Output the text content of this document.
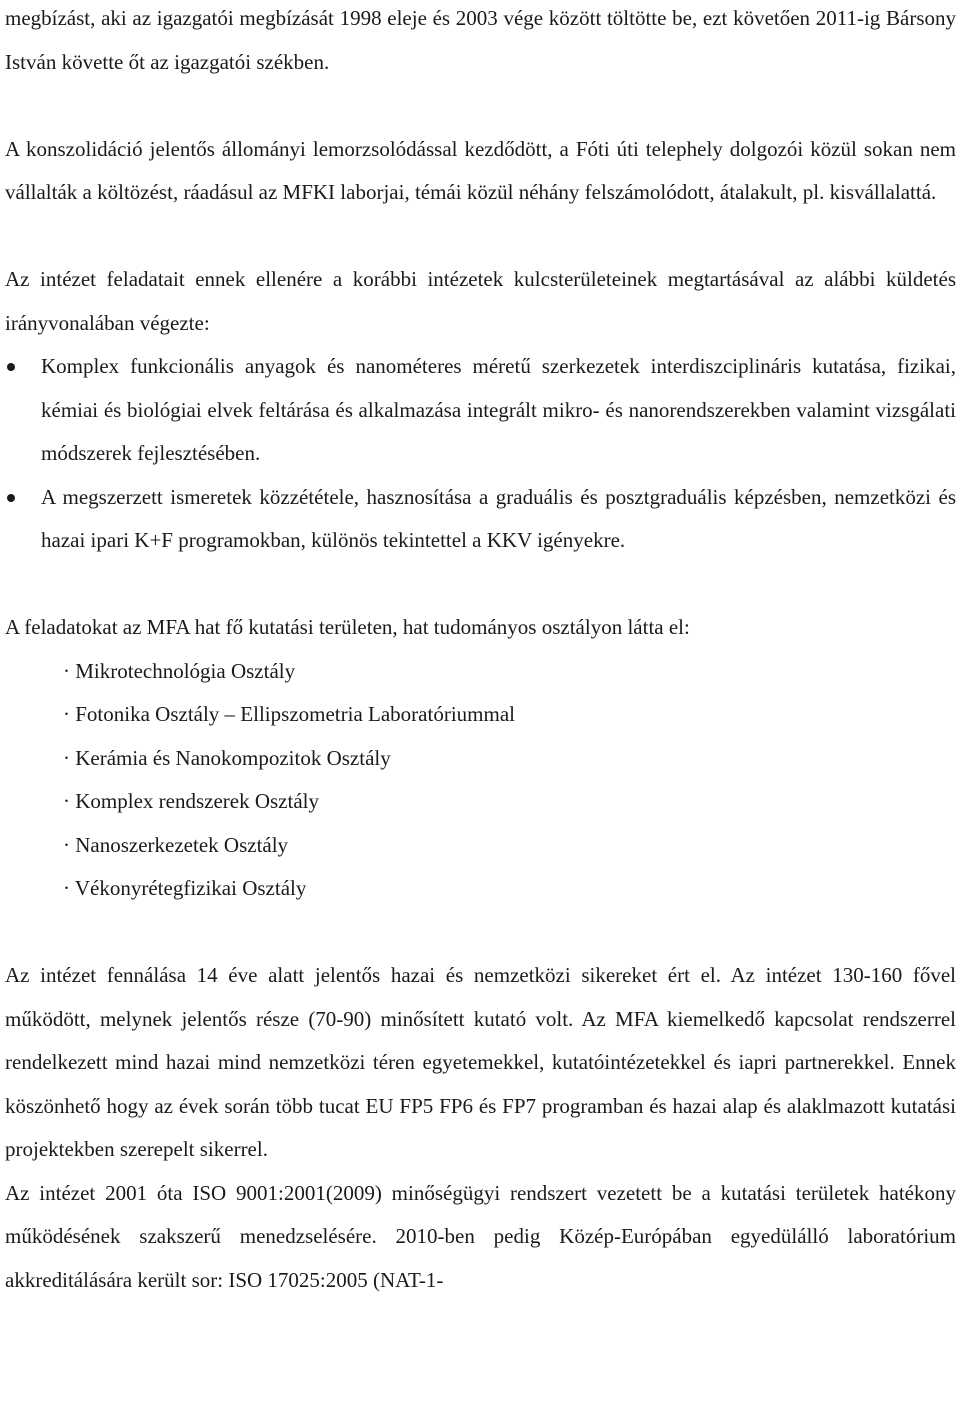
megbízást, aki az igazgatói megbízását 1998 eleje és 2003 vége között töltötte be, ezt követően 2011-ig Bársony István követte őt az igazgatói székben.

A konszolidáció jelentős állományi lemorzsolódással kezdődött, a Fóti úti telephely dolgozói közül sokan nem vállalták a költözést, ráadásul az MFKI laborjai, témái közül néhány felszámolódott, átalakult, pl. kisvállalattá.

Az intézet feladatait ennek ellenére a korábbi intézetek kulcsterületeinek megtartásával az alábbi küldetés irányvonalában végezte:

Komplex funkcionális anyagok és nanométeres méretű szerkezetek interdiszciplináris kutatása, fizikai, kémiai és biológiai elvek feltárása és alkalmazása integrált mikro- és nanorendszerekben valamint vizsgálati módszerek fejlesztésében.
A megszerzett ismeretek közzététele, hasznosítása a graduális és posztgraduális képzésben, nemzetközi és hazai ipari K+F programokban, különös tekintettel a KKV igényekre.

A feladatokat az MFA hat fő kutatási területen, hat tudományos osztályon látta el:

· Mikrotechnológia Osztály
· Fotonika Osztály – Ellipszometria Laboratóriummal
· Kerámia és Nanokompozitok Osztály
· Komplex rendszerek Osztály
· Nanoszerkezetek Osztály
· Vékonyrétegfizikai Osztály

Az intézet fennálása 14 éve alatt jelentős hazai és nemzetközi sikereket ért el. Az intézet 130-160 fővel működött, melynek jelentős része (70-90) minősített kutató volt. Az MFA kiemelkedő kapcsolat rendszerrel rendelkezett mind hazai mind nemzetközi téren egyetemekkel, kutatóintézetekkel és iapri partnerekkel. Ennek köszönhető hogy az évek során több tucat EU FP5 FP6 és FP7 programban és hazai alap és alaklmazott kutatási projektekben szerepelt sikerrel.

Az intézet 2001 óta ISO 9001:2001(2009) minőségügyi rendszert vezetett be a kutatási területek hatékony működésének szakszerű menedzselésére. 2010-ben pedig Közép-Európában egyedülálló laboratórium akkreditálására került sor: ISO 17025:2005 (NAT-1-
